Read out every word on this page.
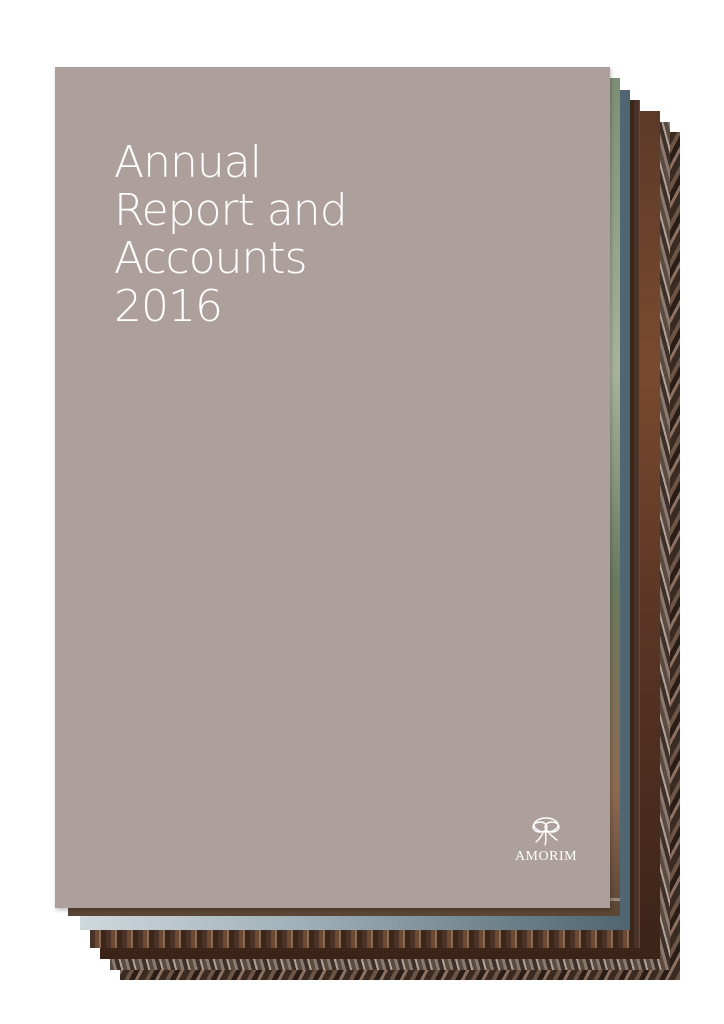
Annual
Report and
Accounts
2016
AMORIM
